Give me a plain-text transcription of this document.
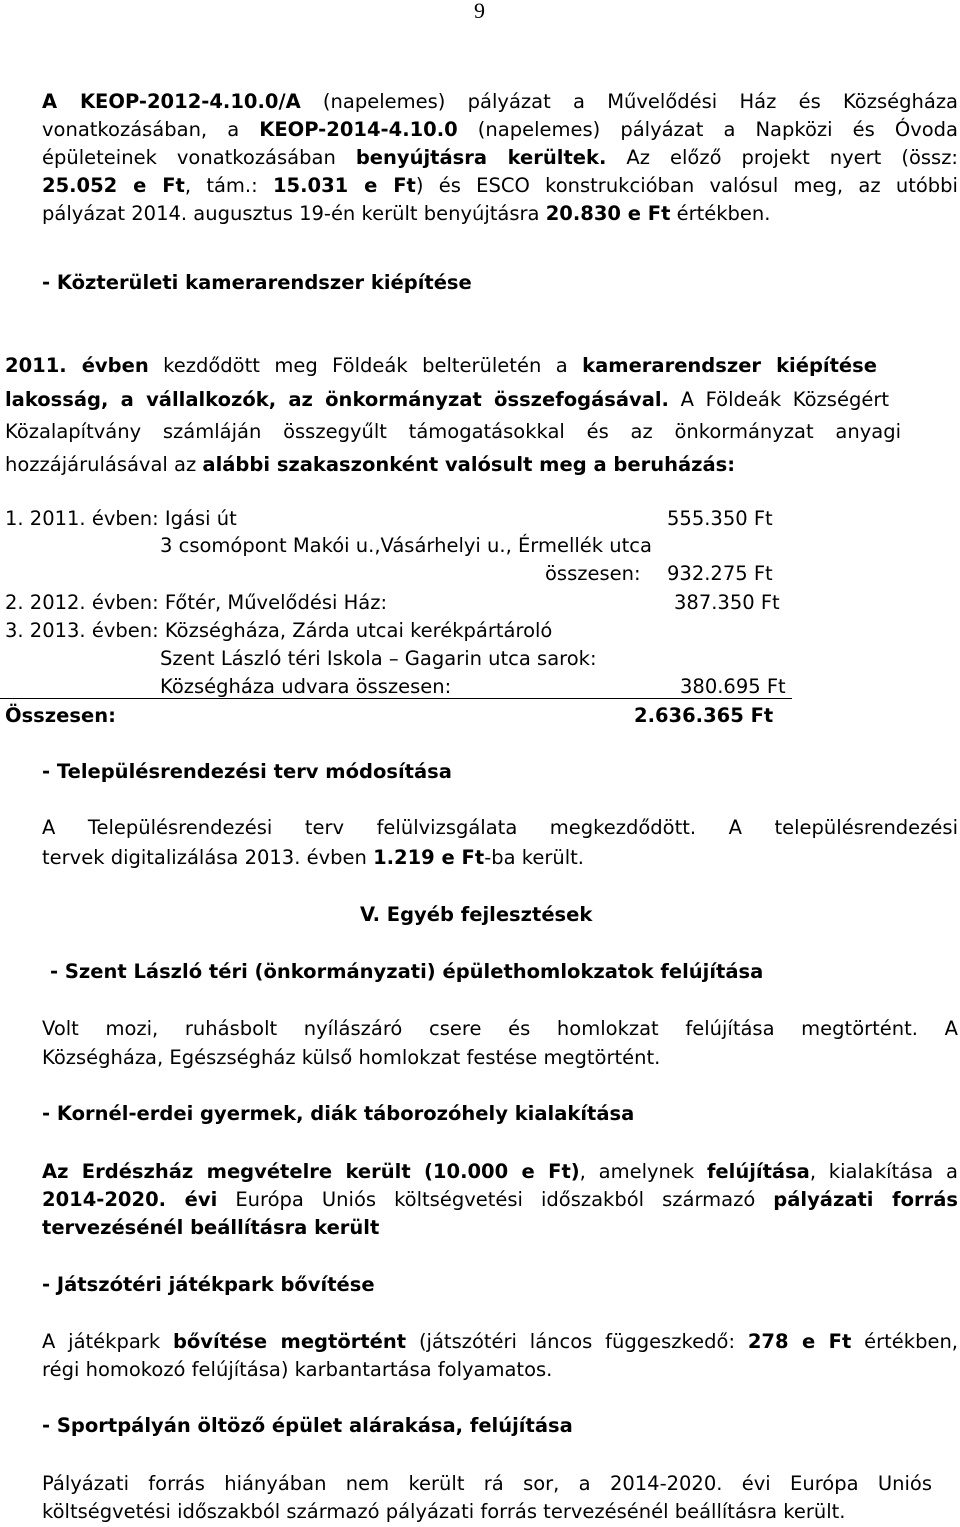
9
A KEOP-2012-4.10.0/A (napelemes) pályázat a Művelődési Ház és Községháza
vonatkozásában, a KEOP-2014-4.10.0 (napelemes) pályázat a Napközi és Óvoda
épületeinek vonatkozásában benyújtásra kerültek. Az előző projekt nyert (össz:
25.052 e Ft, tám.: 15.031 e Ft) és ESCO konstrukcióban valósul meg, az utóbbi
pályázat 2014. augusztus 19-én került benyújtásra 20.830 e Ft értékben.
- Közterületi kamerarendszer kiépítése
2011. évben kezdődött meg Földeák belterületén a kamerarendszer kiépítése
lakosság, a vállalkozók, az önkormányzat összefogásával. A Földeák Községért
Közalapítvány számláján összegyűlt támogatásokkal és az önkormányzat anyagi
hozzájárulásával az alábbi szakaszonként valósult meg a beruházás:
1. 2011. évben: Igási út	555.350 Ft
3 csomópont Makói u.,Vásárhelyi u., Érmellék utca
összesen: 932.275 Ft
2. 2012. évben: Főtér, Művelődési Ház:	387.350 Ft
3. 2013. évben: Községháza, Zárda utcai kerékpártároló
Szent László téri Iskola – Gagarin utca sarok:
Községháza udvara összesen:	380.695 Ft
Összesen:	2.636.365 Ft
- Településrendezési terv módosítása
A Településrendezési terv felülvizsgálata megkezdődött. A településrendezési
tervek digitalizálása 2013. évben 1.219 e Ft-ba került.
V. Egyéb fejlesztések
- Szent László téri (önkormányzati) épülethomlokzatok felújítása
Volt mozi, ruhásbolt nyílászáró csere és homlokzat felújítása megtörtént. A
Községháza, Egészségház külső homlokzat festése megtörtént.
- Kornél-erdei gyermek, diák táborozóhely kialakítása
Az Erdészház megvételre került (10.000 e Ft), amelynek felújítása, kialakítása a
2014-2020. évi Európa Uniós költségvetési időszakból származó pályázati forrás
tervezésénél beállításra került
- Játszótéri játékpark bővítése
A játékpark bővítése megtörtént (játszótéri láncos függeszkedő: 278 e Ft értékben,
régi homokozó felújítása) karbantartása folyamatos.
- Sportpályán öltöző épület alárakása, felújítása
Pályázati forrás hiányában nem került rá sor, a 2014-2020. évi Európa Uniós
költségvetési időszakból származó pályázati forrás tervezésénél beállításra került.
